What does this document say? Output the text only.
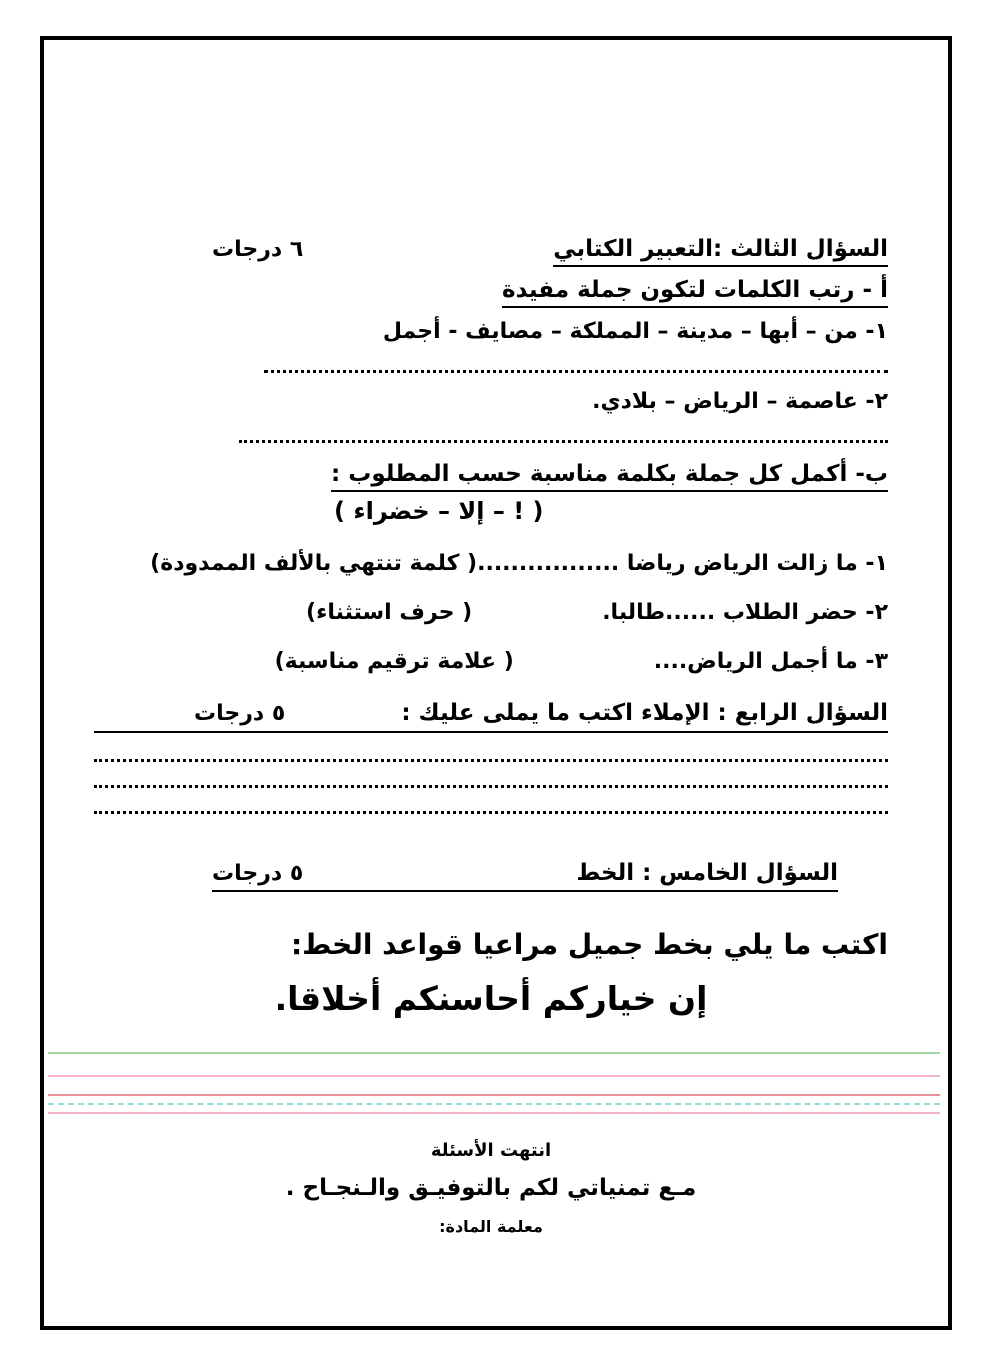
السؤال الثالث :التعبير الكتابي
٦ درجات
أ - رتب الكلمات لتكون جملة مفيدة
١- من – أبها – مدينة – المملكة – مصايف - أجمل
٢- عاصمة – الرياض – بلادي.
ب- أكمل كل جملة بكلمة مناسبة حسب المطلوب :
( ! – إلا – خضراء )
١- ما زالت الرياض رياضا .................( كلمة تنتهي بالألف الممدودة)
٢- حضر الطلاب ......طالبا.
( حرف استثناء)
٣- ما أجمل الرياض....
( علامة ترقيم مناسبة)
السؤال الرابع : الإملاء اكتب ما يملى عليك :
٥ درجات
السؤال الخامس : الخط
٥ درجات
اكتب ما يلي بخط جميل مراعيا قواعد الخط:
إن خياركم أحاسنكم أخلاقا.
انتهت الأسئلة
مـع تمنياتي لكم بالتوفيـق والـنجـاح .
معلمة المادة:
